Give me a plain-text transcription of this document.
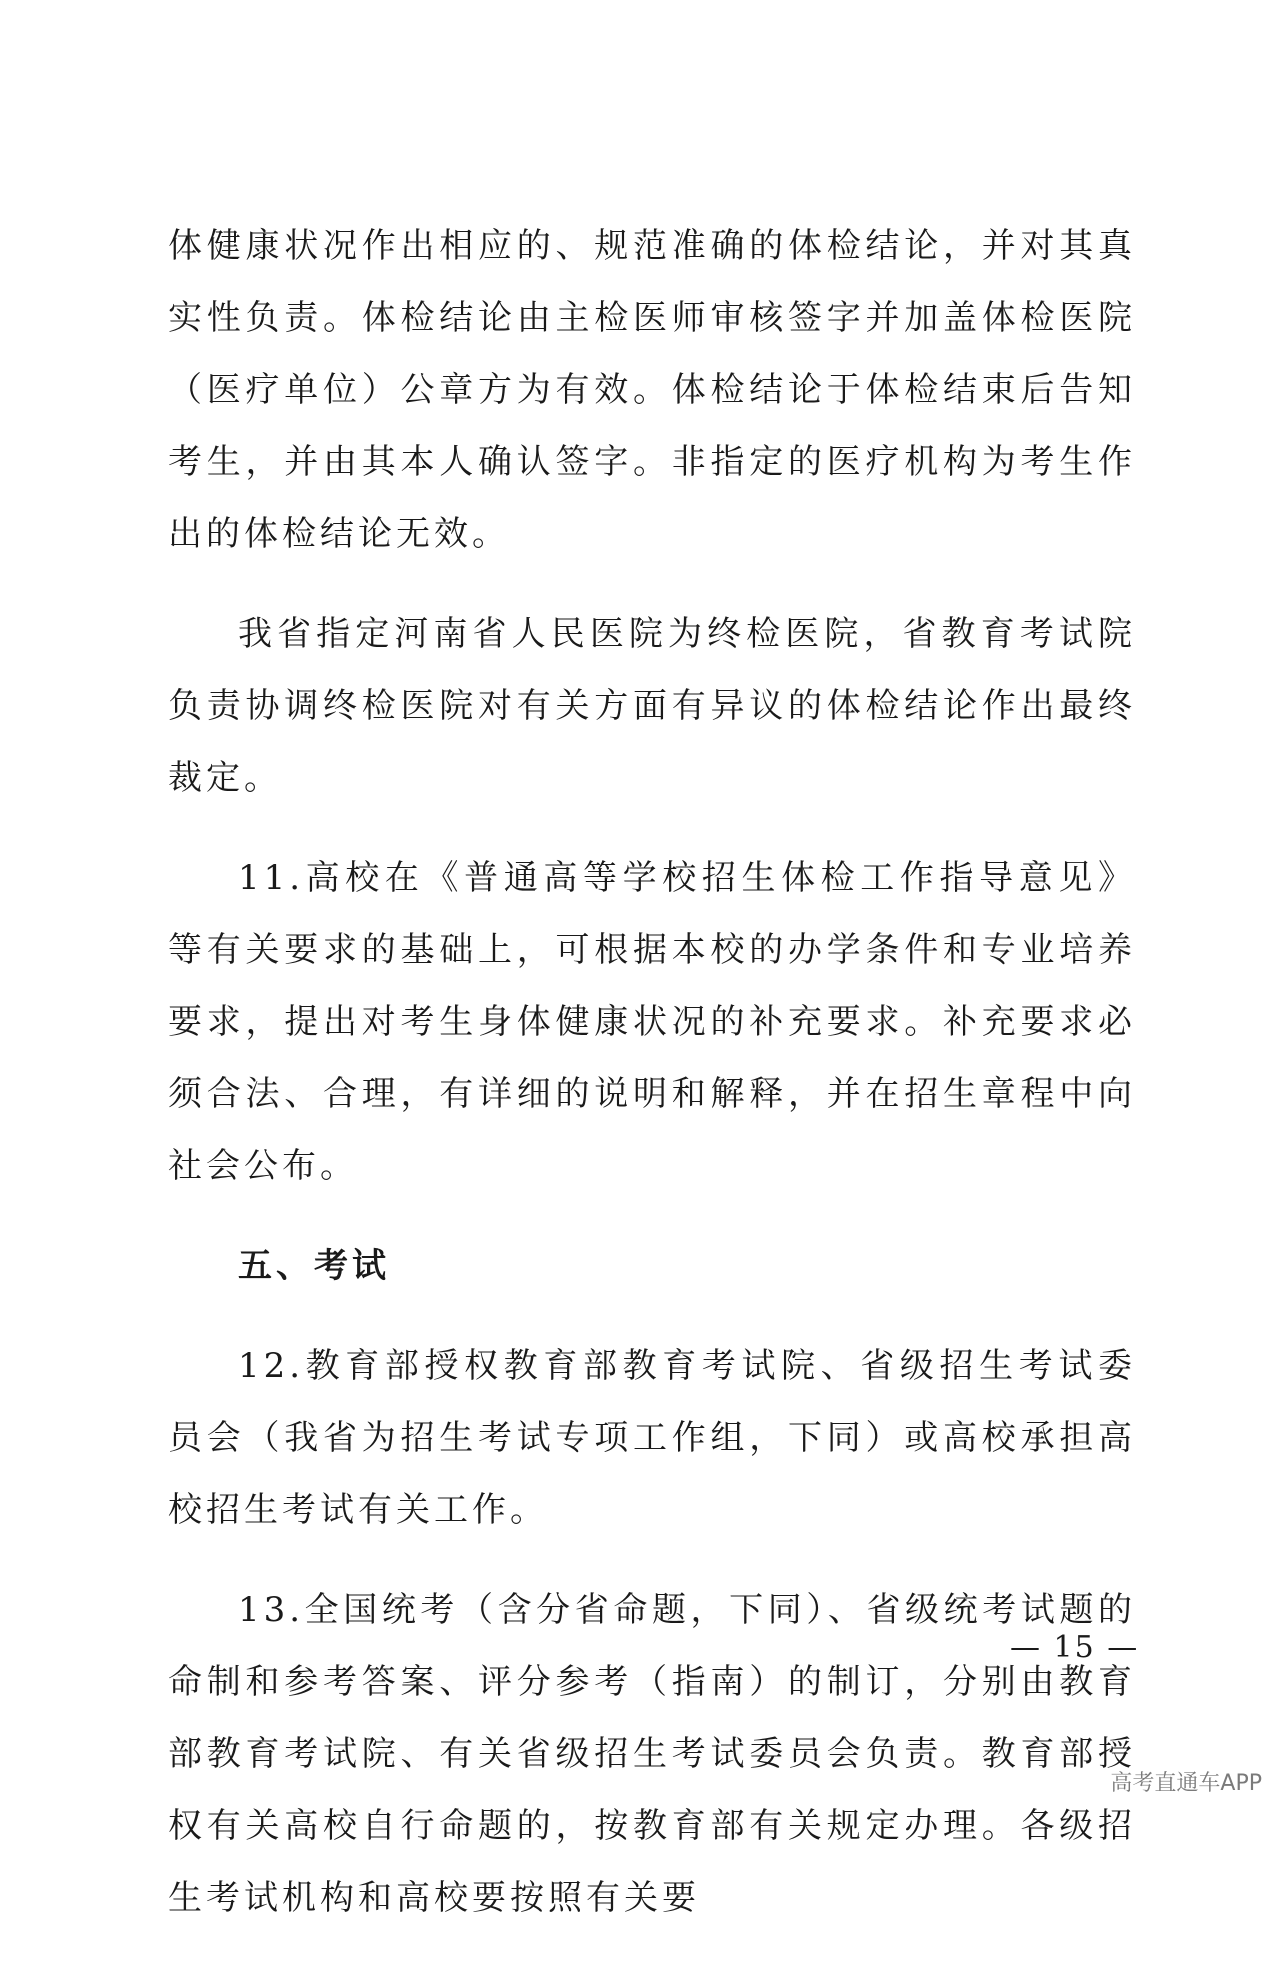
体健康状况作出相应的、规范准确的体检结论，并对其真实性负责。体检结论由主检医师审核签字并加盖体检医院（医疗单位）公章方为有效。体检结论于体检结束后告知考生，并由其本人确认签字。非指定的医疗机构为考生作出的体检结论无效。

我省指定河南省人民医院为终检医院，省教育考试院负责协调终检医院对有关方面有异议的体检结论作出最终裁定。

11.高校在《普通高等学校招生体检工作指导意见》等有关要求的基础上，可根据本校的办学条件和专业培养要求，提出对考生身体健康状况的补充要求。补充要求必须合法、合理，有详细的说明和解释，并在招生章程中向社会公布。

五、考试

12.教育部授权教育部教育考试院、省级招生考试委员会（我省为招生考试专项工作组，下同）或高校承担高校招生考试有关工作。

13.全国统考（含分省命题，下同）、省级统考试题的命制和参考答案、评分参考（指南）的制订，分别由教育部教育考试院、有关省级招生考试委员会负责。教育部授权有关高校自行命题的，按教育部有关规定办理。各级招生考试机构和高校要按照有关要

— 15 —
高考直通车APP
